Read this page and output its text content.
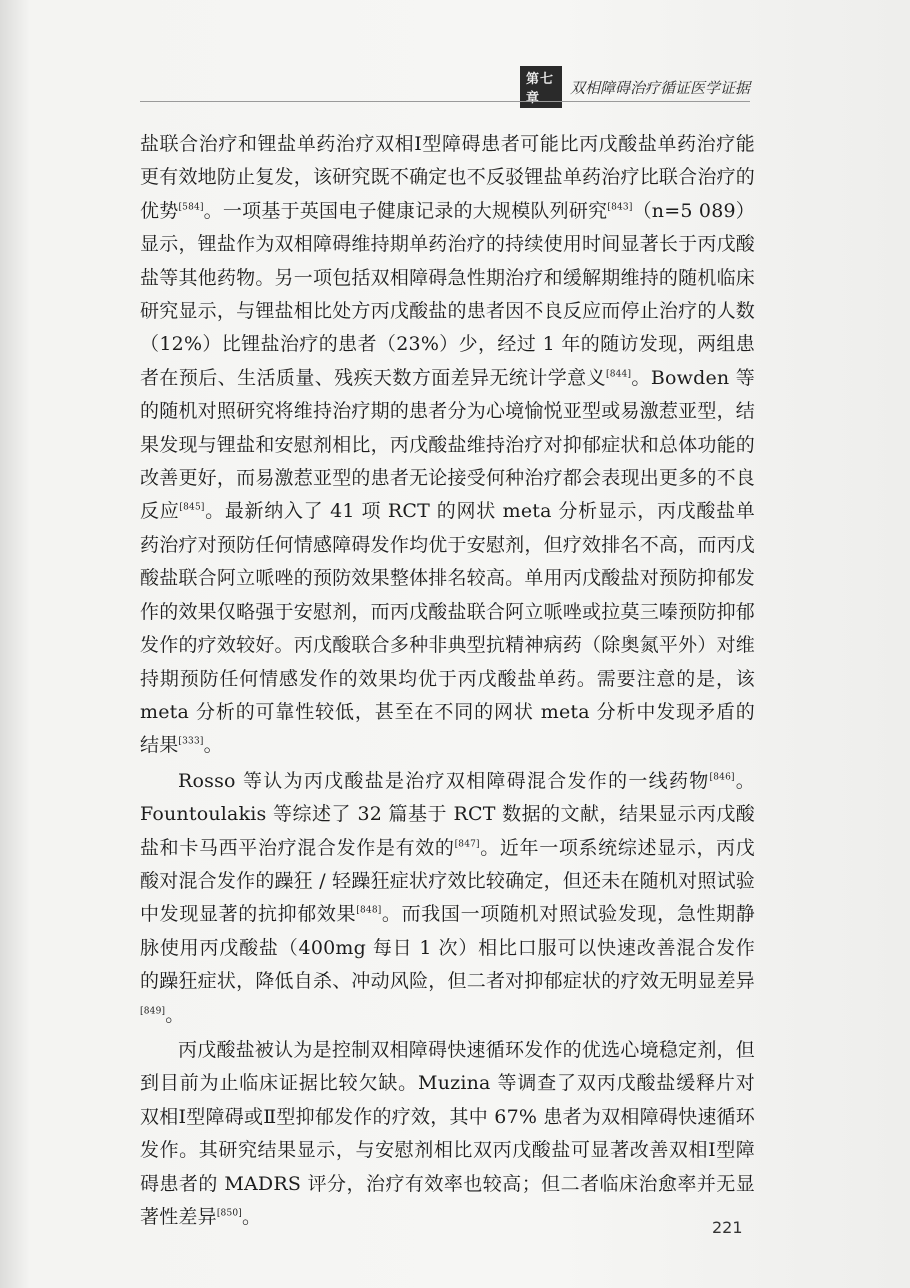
第七章
双相障碍治疗循证医学证据

盐联合治疗和锂盐单药治疗双相Ⅰ型障碍患者可能比丙戊酸盐单药治疗能更有效地防止复发，该研究既不确定也不反驳锂盐单药治疗比联合治疗的优势[584]。一项基于英国电子健康记录的大规模队列研究[843]（n=5 089）显示，锂盐作为双相障碍维持期单药治疗的持续使用时间显著长于丙戊酸盐等其他药物。另一项包括双相障碍急性期治疗和缓解期维持的随机临床研究显示，与锂盐相比处方丙戊酸盐的患者因不良反应而停止治疗的人数（12%）比锂盐治疗的患者（23%）少，经过 1 年的随访发现，两组患者在预后、生活质量、残疾天数方面差异无统计学意义[844]。Bowden 等的随机对照研究将维持治疗期的患者分为心境愉悦亚型或易激惹亚型，结果发现与锂盐和安慰剂相比，丙戊酸盐维持治疗对抑郁症状和总体功能的改善更好，而易激惹亚型的患者无论接受何种治疗都会表现出更多的不良反应[845]。最新纳入了 41 项 RCT 的网状 meta 分析显示，丙戊酸盐单药治疗对预防任何情感障碍发作均优于安慰剂，但疗效排名不高，而丙戊酸盐联合阿立哌唑的预防效果整体排名较高。单用丙戊酸盐对预防抑郁发作的效果仅略强于安慰剂，而丙戊酸盐联合阿立哌唑或拉莫三嗪预防抑郁发作的疗效较好。丙戊酸联合多种非典型抗精神病药（除奥氮平外）对维持期预防任何情感发作的效果均优于丙戊酸盐单药。需要注意的是，该 meta 分析的可靠性较低，甚至在不同的网状 meta 分析中发现矛盾的结果[333]。

Rosso 等认为丙戊酸盐是治疗双相障碍混合发作的一线药物[846]。Fountoulakis 等综述了 32 篇基于 RCT 数据的文献，结果显示丙戊酸盐和卡马西平治疗混合发作是有效的[847]。近年一项系统综述显示，丙戊酸对混合发作的躁狂 / 轻躁狂症状疗效比较确定，但还未在随机对照试验中发现显著的抗抑郁效果[848]。而我国一项随机对照试验发现，急性期静脉使用丙戊酸盐（400mg 每日 1 次）相比口服可以快速改善混合发作的躁狂症状，降低自杀、冲动风险，但二者对抑郁症状的疗效无明显差异[849]。

丙戊酸盐被认为是控制双相障碍快速循环发作的优选心境稳定剂，但到目前为止临床证据比较欠缺。Muzina 等调查了双丙戊酸盐缓释片对双相Ⅰ型障碍或Ⅱ型抑郁发作的疗效，其中 67% 患者为双相障碍快速循环发作。其研究结果显示，与安慰剂相比双丙戊酸盐可显著改善双相Ⅰ型障碍患者的 MADRS 评分，治疗有效率也较高；但二者临床治愈率并无显著性差异[850]。	221
